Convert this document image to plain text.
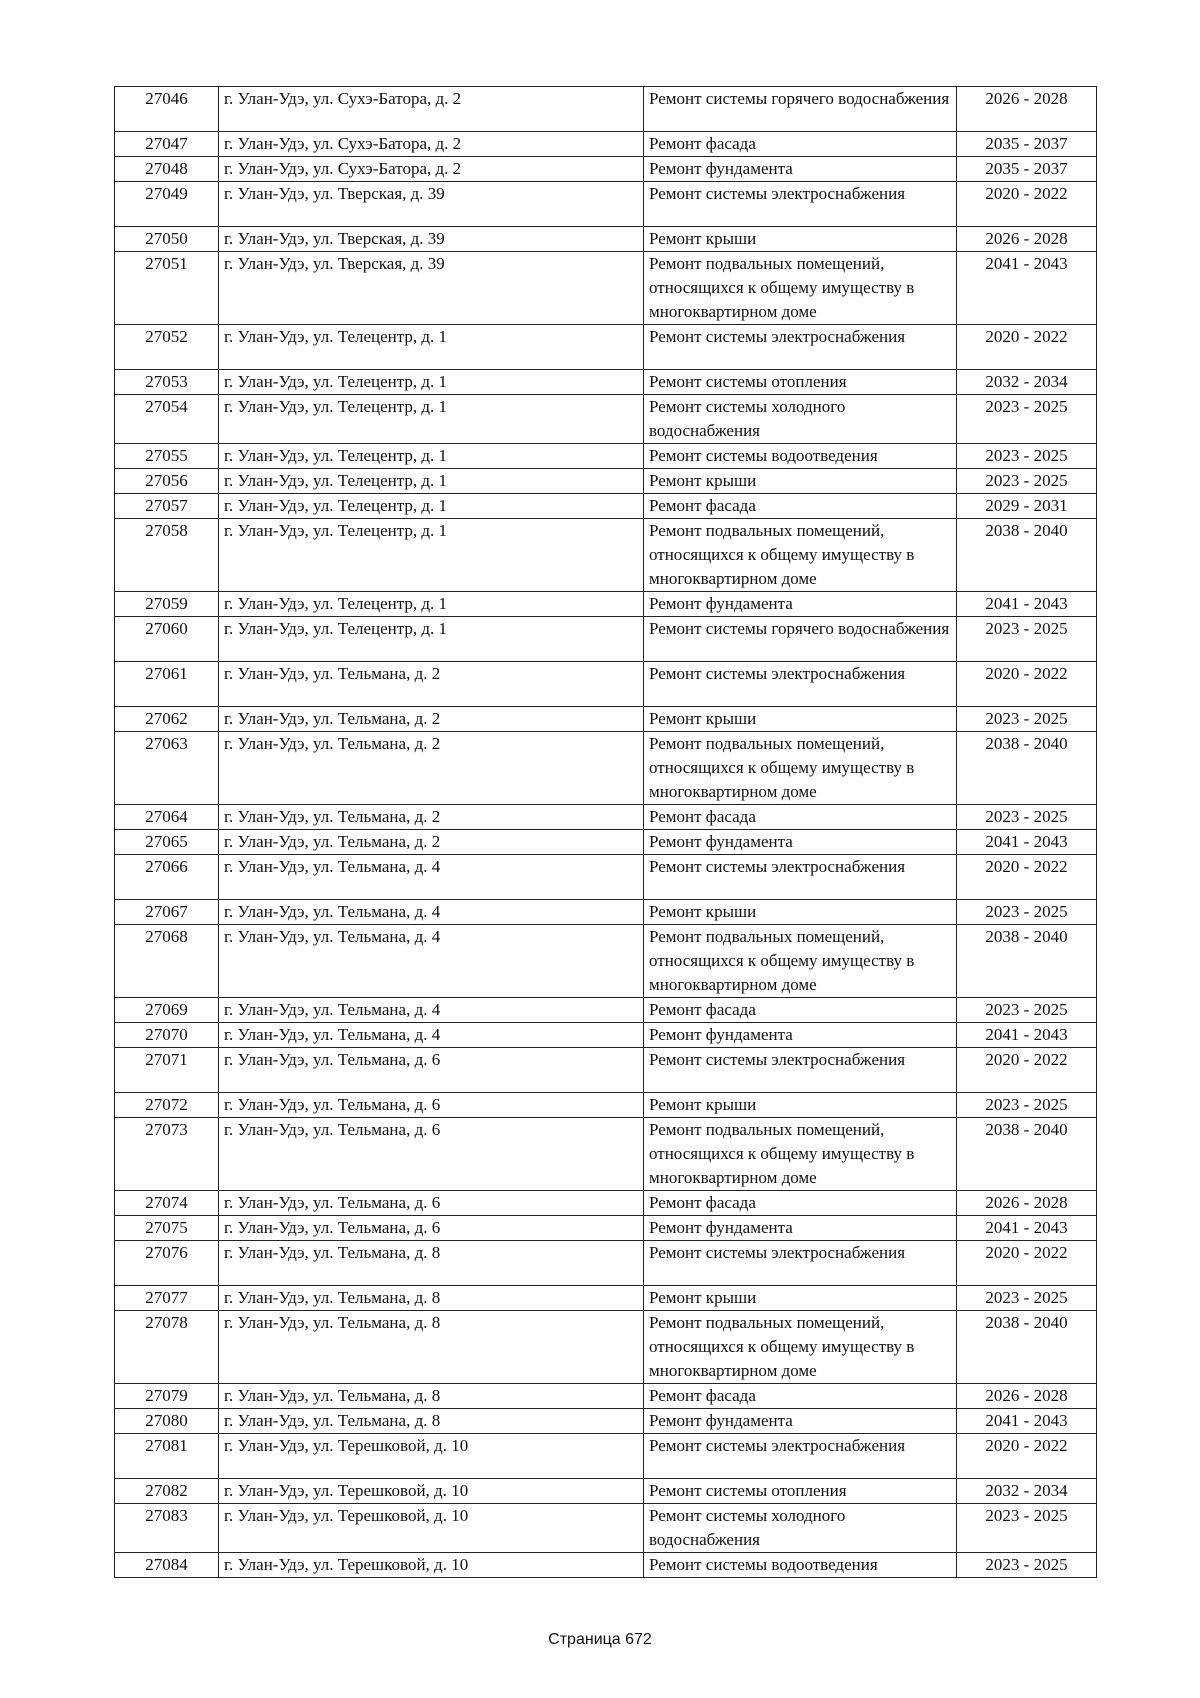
27046	г. Улан-Удэ, ул. Сухэ-Батора, д. 2	Ремонт системы горячего водоснабжения	2026 - 2028
27047	г. Улан-Удэ, ул. Сухэ-Батора, д. 2	Ремонт фасада	2035 - 2037
27048	г. Улан-Удэ, ул. Сухэ-Батора, д. 2	Ремонт фундамента	2035 - 2037
27049	г. Улан-Удэ, ул. Тверская, д. 39	Ремонт системы электроснабжения	2020 - 2022
27050	г. Улан-Удэ, ул. Тверская, д. 39	Ремонт крыши	2026 - 2028
27051	г. Улан-Удэ, ул. Тверская, д. 39	Ремонт подвальных помещений, относящихся к общему имуществу в многоквартирном доме	2041 - 2043
27052	г. Улан-Удэ, ул. Телецентр, д. 1	Ремонт системы электроснабжения	2020 - 2022
27053	г. Улан-Удэ, ул. Телецентр, д. 1	Ремонт системы отопления	2032 - 2034
27054	г. Улан-Удэ, ул. Телецентр, д. 1	Ремонт системы холодного водоснабжения	2023 - 2025
27055	г. Улан-Удэ, ул. Телецентр, д. 1	Ремонт системы водоотведения	2023 - 2025
27056	г. Улан-Удэ, ул. Телецентр, д. 1	Ремонт крыши	2023 - 2025
27057	г. Улан-Удэ, ул. Телецентр, д. 1	Ремонт фасада	2029 - 2031
27058	г. Улан-Удэ, ул. Телецентр, д. 1	Ремонт подвальных помещений, относящихся к общему имуществу в многоквартирном доме	2038 - 2040
27059	г. Улан-Удэ, ул. Телецентр, д. 1	Ремонт фундамента	2041 - 2043
27060	г. Улан-Удэ, ул. Телецентр, д. 1	Ремонт системы горячего водоснабжения	2023 - 2025
27061	г. Улан-Удэ, ул. Тельмана, д. 2	Ремонт системы электроснабжения	2020 - 2022
27062	г. Улан-Удэ, ул. Тельмана, д. 2	Ремонт крыши	2023 - 2025
27063	г. Улан-Удэ, ул. Тельмана, д. 2	Ремонт подвальных помещений, относящихся к общему имуществу в многоквартирном доме	2038 - 2040
27064	г. Улан-Удэ, ул. Тельмана, д. 2	Ремонт фасада	2023 - 2025
27065	г. Улан-Удэ, ул. Тельмана, д. 2	Ремонт фундамента	2041 - 2043
27066	г. Улан-Удэ, ул. Тельмана, д. 4	Ремонт системы электроснабжения	2020 - 2022
27067	г. Улан-Удэ, ул. Тельмана, д. 4	Ремонт крыши	2023 - 2025
27068	г. Улан-Удэ, ул. Тельмана, д. 4	Ремонт подвальных помещений, относящихся к общему имуществу в многоквартирном доме	2038 - 2040
27069	г. Улан-Удэ, ул. Тельмана, д. 4	Ремонт фасада	2023 - 2025
27070	г. Улан-Удэ, ул. Тельмана, д. 4	Ремонт фундамента	2041 - 2043
27071	г. Улан-Удэ, ул. Тельмана, д. 6	Ремонт системы электроснабжения	2020 - 2022
27072	г. Улан-Удэ, ул. Тельмана, д. 6	Ремонт крыши	2023 - 2025
27073	г. Улан-Удэ, ул. Тельмана, д. 6	Ремонт подвальных помещений, относящихся к общему имуществу в многоквартирном доме	2038 - 2040
27074	г. Улан-Удэ, ул. Тельмана, д. 6	Ремонт фасада	2026 - 2028
27075	г. Улан-Удэ, ул. Тельмана, д. 6	Ремонт фундамента	2041 - 2043
27076	г. Улан-Удэ, ул. Тельмана, д. 8	Ремонт системы электроснабжения	2020 - 2022
27077	г. Улан-Удэ, ул. Тельмана, д. 8	Ремонт крыши	2023 - 2025
27078	г. Улан-Удэ, ул. Тельмана, д. 8	Ремонт подвальных помещений, относящихся к общему имуществу в многоквартирном доме	2038 - 2040
27079	г. Улан-Удэ, ул. Тельмана, д. 8	Ремонт фасада	2026 - 2028
27080	г. Улан-Удэ, ул. Тельмана, д. 8	Ремонт фундамента	2041 - 2043
27081	г. Улан-Удэ, ул. Терешковой, д. 10	Ремонт системы электроснабжения	2020 - 2022
27082	г. Улан-Удэ, ул. Терешковой, д. 10	Ремонт системы отопления	2032 - 2034
27083	г. Улан-Удэ, ул. Терешковой, д. 10	Ремонт системы холодного водоснабжения	2023 - 2025
27084	г. Улан-Удэ, ул. Терешковой, д. 10	Ремонт системы водоотведения	2023 - 2025
Страница 672
